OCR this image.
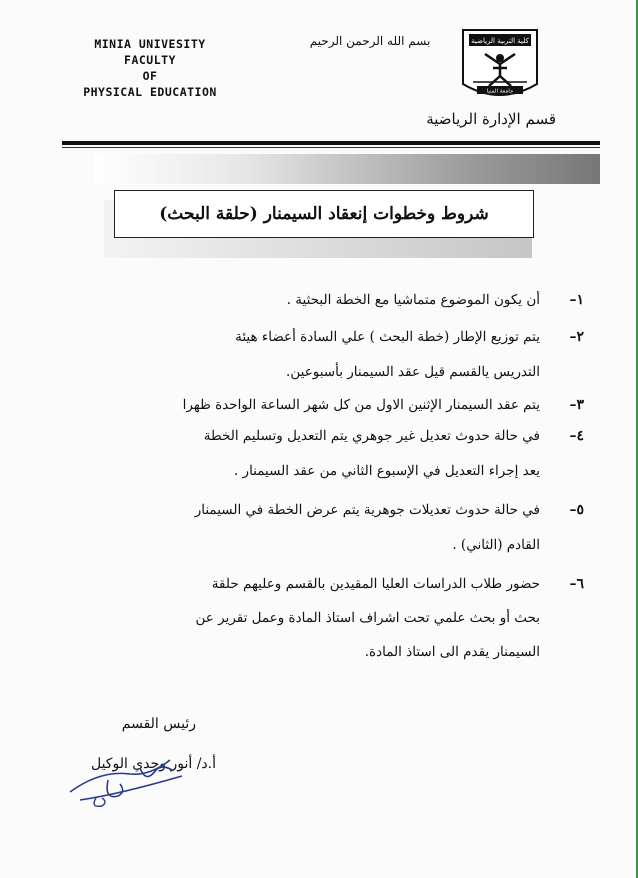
MINIA UNIVESITY
FACULTY
OF
PHYSICAL EDUCATION
بسم الله الرحمن الرحيم	كلية التربية الرياضية
جامعة المنيا
قسم الإدارة الرياضية
شروط وخطوات إنعقاد السيمنار (حلقة البحث)
١–
أن يكون الموضوع متماشيا مع الخطة البحثية .
٢–
يتم توزيع الإطار (خطة البحث ) علي السادة أعضاء هيئة
التدريس يالقسم قيل عقد السيمنار بأسبوعين.
٣–
يتم عقد السيمنار الإثنين الاول من كل شهر الساعة الواحدة ظهرا
٤–
في حالة حدوث تعديل غير جوهري يتم التعديل وتسليم الخطة
يعد إجراء التعديل في الإسبوع الثاني من عقد السيمنار .
٥–
في حالة حدوث تعديلات جوهرية يتم عرض الخطة في السيمنار
القادم (الثاني) .
٦–
حضور طلاب الدراسات العليا المقيدين بالقسم وعليهم حلقة
بحث أو بحث علمي تحت اشراف استاذ المادة وعمل تقرير عن
السيمنار يقدم الى استاذ المادة.
رئيس القسم
أ.د/ أنور وجدي الوكيل
